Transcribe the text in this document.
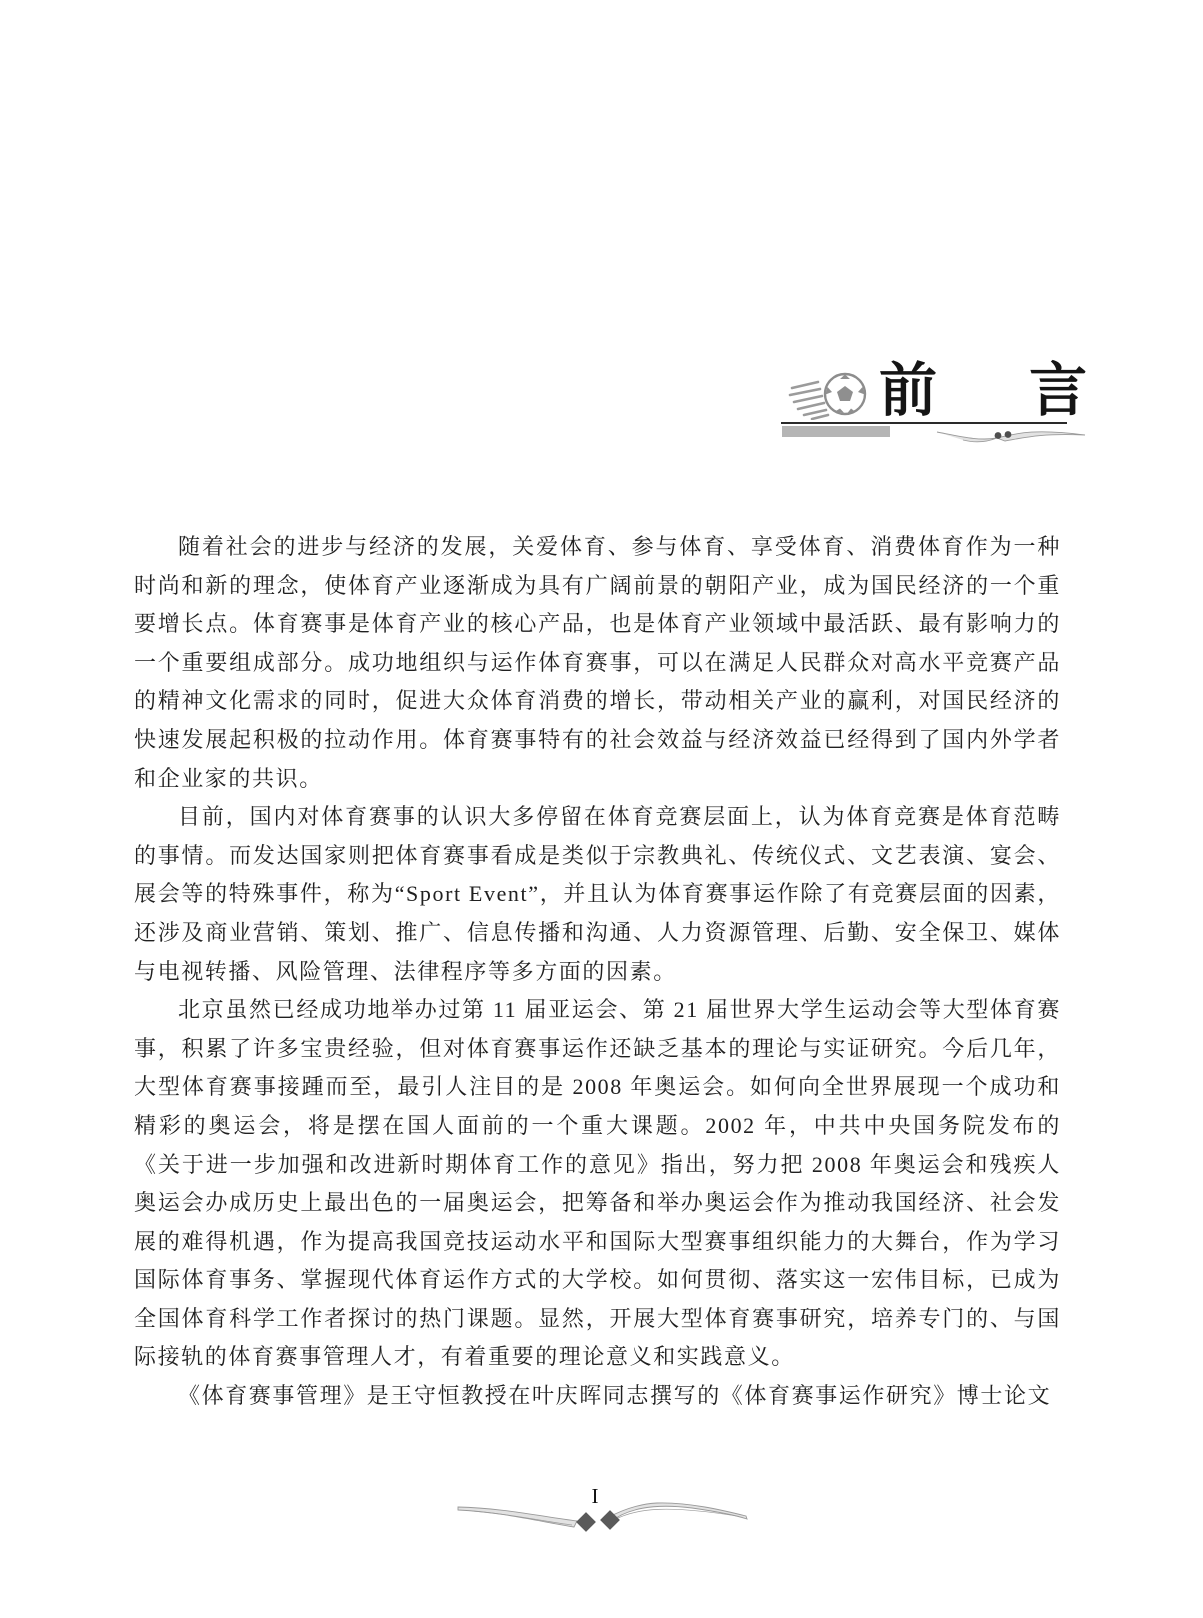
前 言

随着社会的进步与经济的发展，关爱体育、参与体育、享受体育、消费体育作为一种时尚和新的理念，使体育产业逐渐成为具有广阔前景的朝阳产业，成为国民经济的一个重要增长点。体育赛事是体育产业的核心产品，也是体育产业领域中最活跃、最有影响力的一个重要组成部分。成功地组织与运作体育赛事，可以在满足人民群众对高水平竞赛产品的精神文化需求的同时，促进大众体育消费的增长，带动相关产业的赢利，对国民经济的快速发展起积极的拉动作用。体育赛事特有的社会效益与经济效益已经得到了国内外学者和企业家的共识。

目前，国内对体育赛事的认识大多停留在体育竞赛层面上，认为体育竞赛是体育范畴的事情。而发达国家则把体育赛事看成是类似于宗教典礼、传统仪式、文艺表演、宴会、展会等的特殊事件，称为“Sport Event”，并且认为体育赛事运作除了有竞赛层面的因素，还涉及商业营销、策划、推广、信息传播和沟通、人力资源管理、后勤、安全保卫、媒体与电视转播、风险管理、法律程序等多方面的因素。

北京虽然已经成功地举办过第 11 届亚运会、第 21 届世界大学生运动会等大型体育赛事，积累了许多宝贵经验，但对体育赛事运作还缺乏基本的理论与实证研究。今后几年，大型体育赛事接踵而至，最引人注目的是 2008 年奥运会。如何向全世界展现一个成功和精彩的奥运会，将是摆在国人面前的一个重大课题。2002 年，中共中央国务院发布的《关于进一步加强和改进新时期体育工作的意见》指出，努力把 2008 年奥运会和残疾人奥运会办成历史上最出色的一届奥运会，把筹备和举办奥运会作为推动我国经济、社会发展的难得机遇，作为提高我国竞技运动水平和国际大型赛事组织能力的大舞台，作为学习国际体育事务、掌握现代体育运作方式的大学校。如何贯彻、落实这一宏伟目标，已成为全国体育科学工作者探讨的热门课题。显然，开展大型体育赛事研究，培养专门的、与国际接轨的体育赛事管理人才，有着重要的理论意义和实践意义。

《体育赛事管理》是王守恒教授在叶庆晖同志撰写的《体育赛事运作研究》博士论文

I
